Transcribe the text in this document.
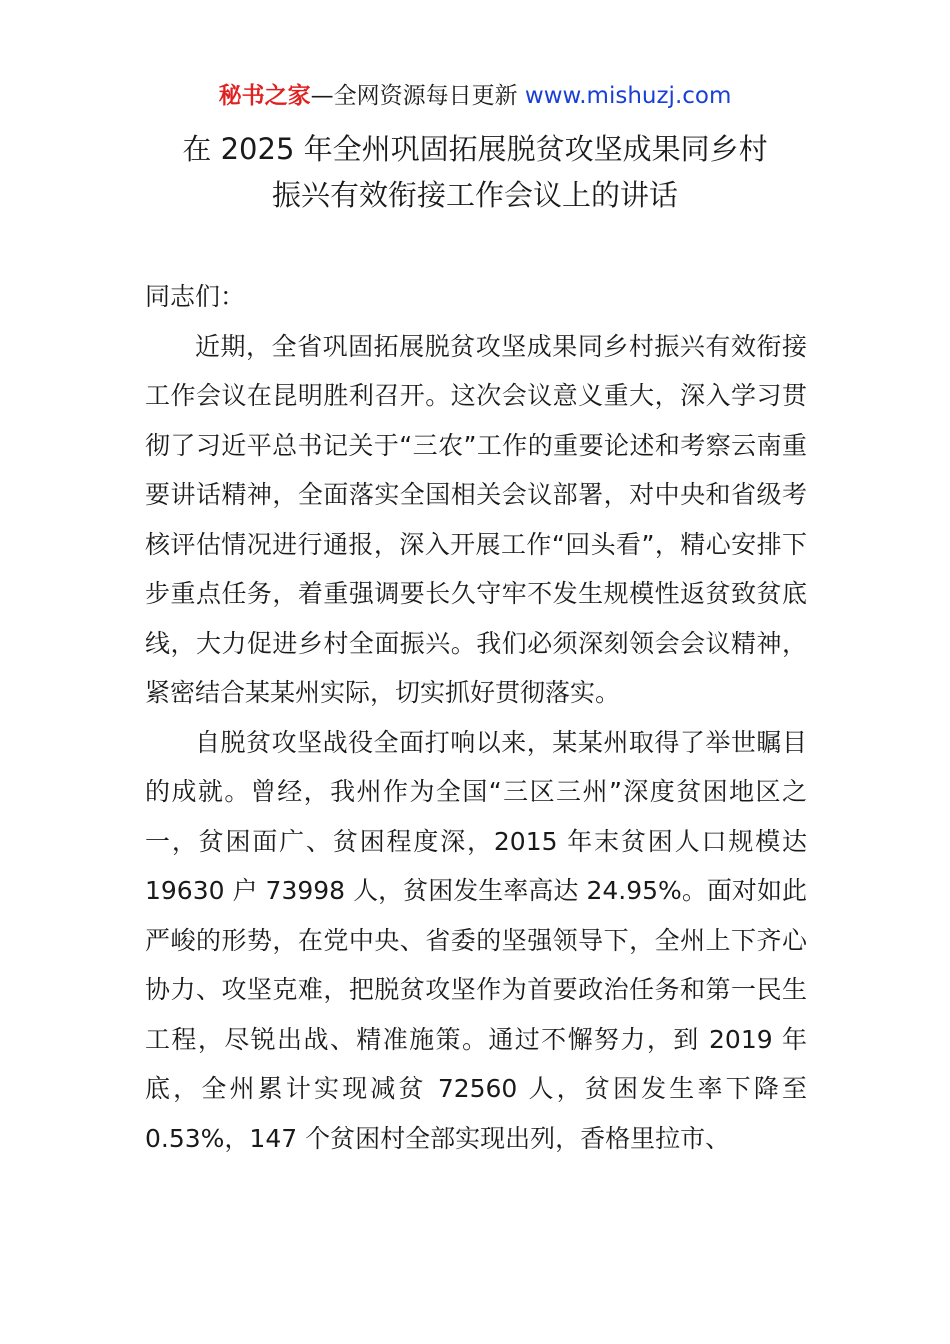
秘书之家—全网资源每日更新 www.mishuzj.com
在 2025 年全州巩固拓展脱贫攻坚成果同乡村
振兴有效衔接工作会议上的讲话

同志们：

近期，全省巩固拓展脱贫攻坚成果同乡村振兴有效衔接工作会议在昆明胜利召开。这次会议意义重大，深入学习贯彻了习近平总书记关于“三农”工作的重要论述和考察云南重要讲话精神，全面落实全国相关会议部署，对中央和省级考核评估情况进行通报，深入开展工作“回头看”，精心安排下步重点任务，着重强调要长久守牢不发生规模性返贫致贫底线，大力促进乡村全面振兴。我们必须深刻领会会议精神，紧密结合某某州实际，切实抓好贯彻落实。

自脱贫攻坚战役全面打响以来，某某州取得了举世瞩目的成就。曾经，我州作为全国“三区三州”深度贫困地区之一，贫困面广、贫困程度深，2015 年末贫困人口规模达 19630 户 73998 人，贫困发生率高达 24.95%。面对如此严峻的形势，在党中央、省委的坚强领导下，全州上下齐心协力、攻坚克难，把脱贫攻坚作为首要政治任务和第一民生工程，尽锐出战、精准施策。通过不懈努力，到 2019 年底，全州累计实现减贫 72560 人，贫困发生率下降至 0.53%，147 个贫困村全部实现出列，香格里拉市、
